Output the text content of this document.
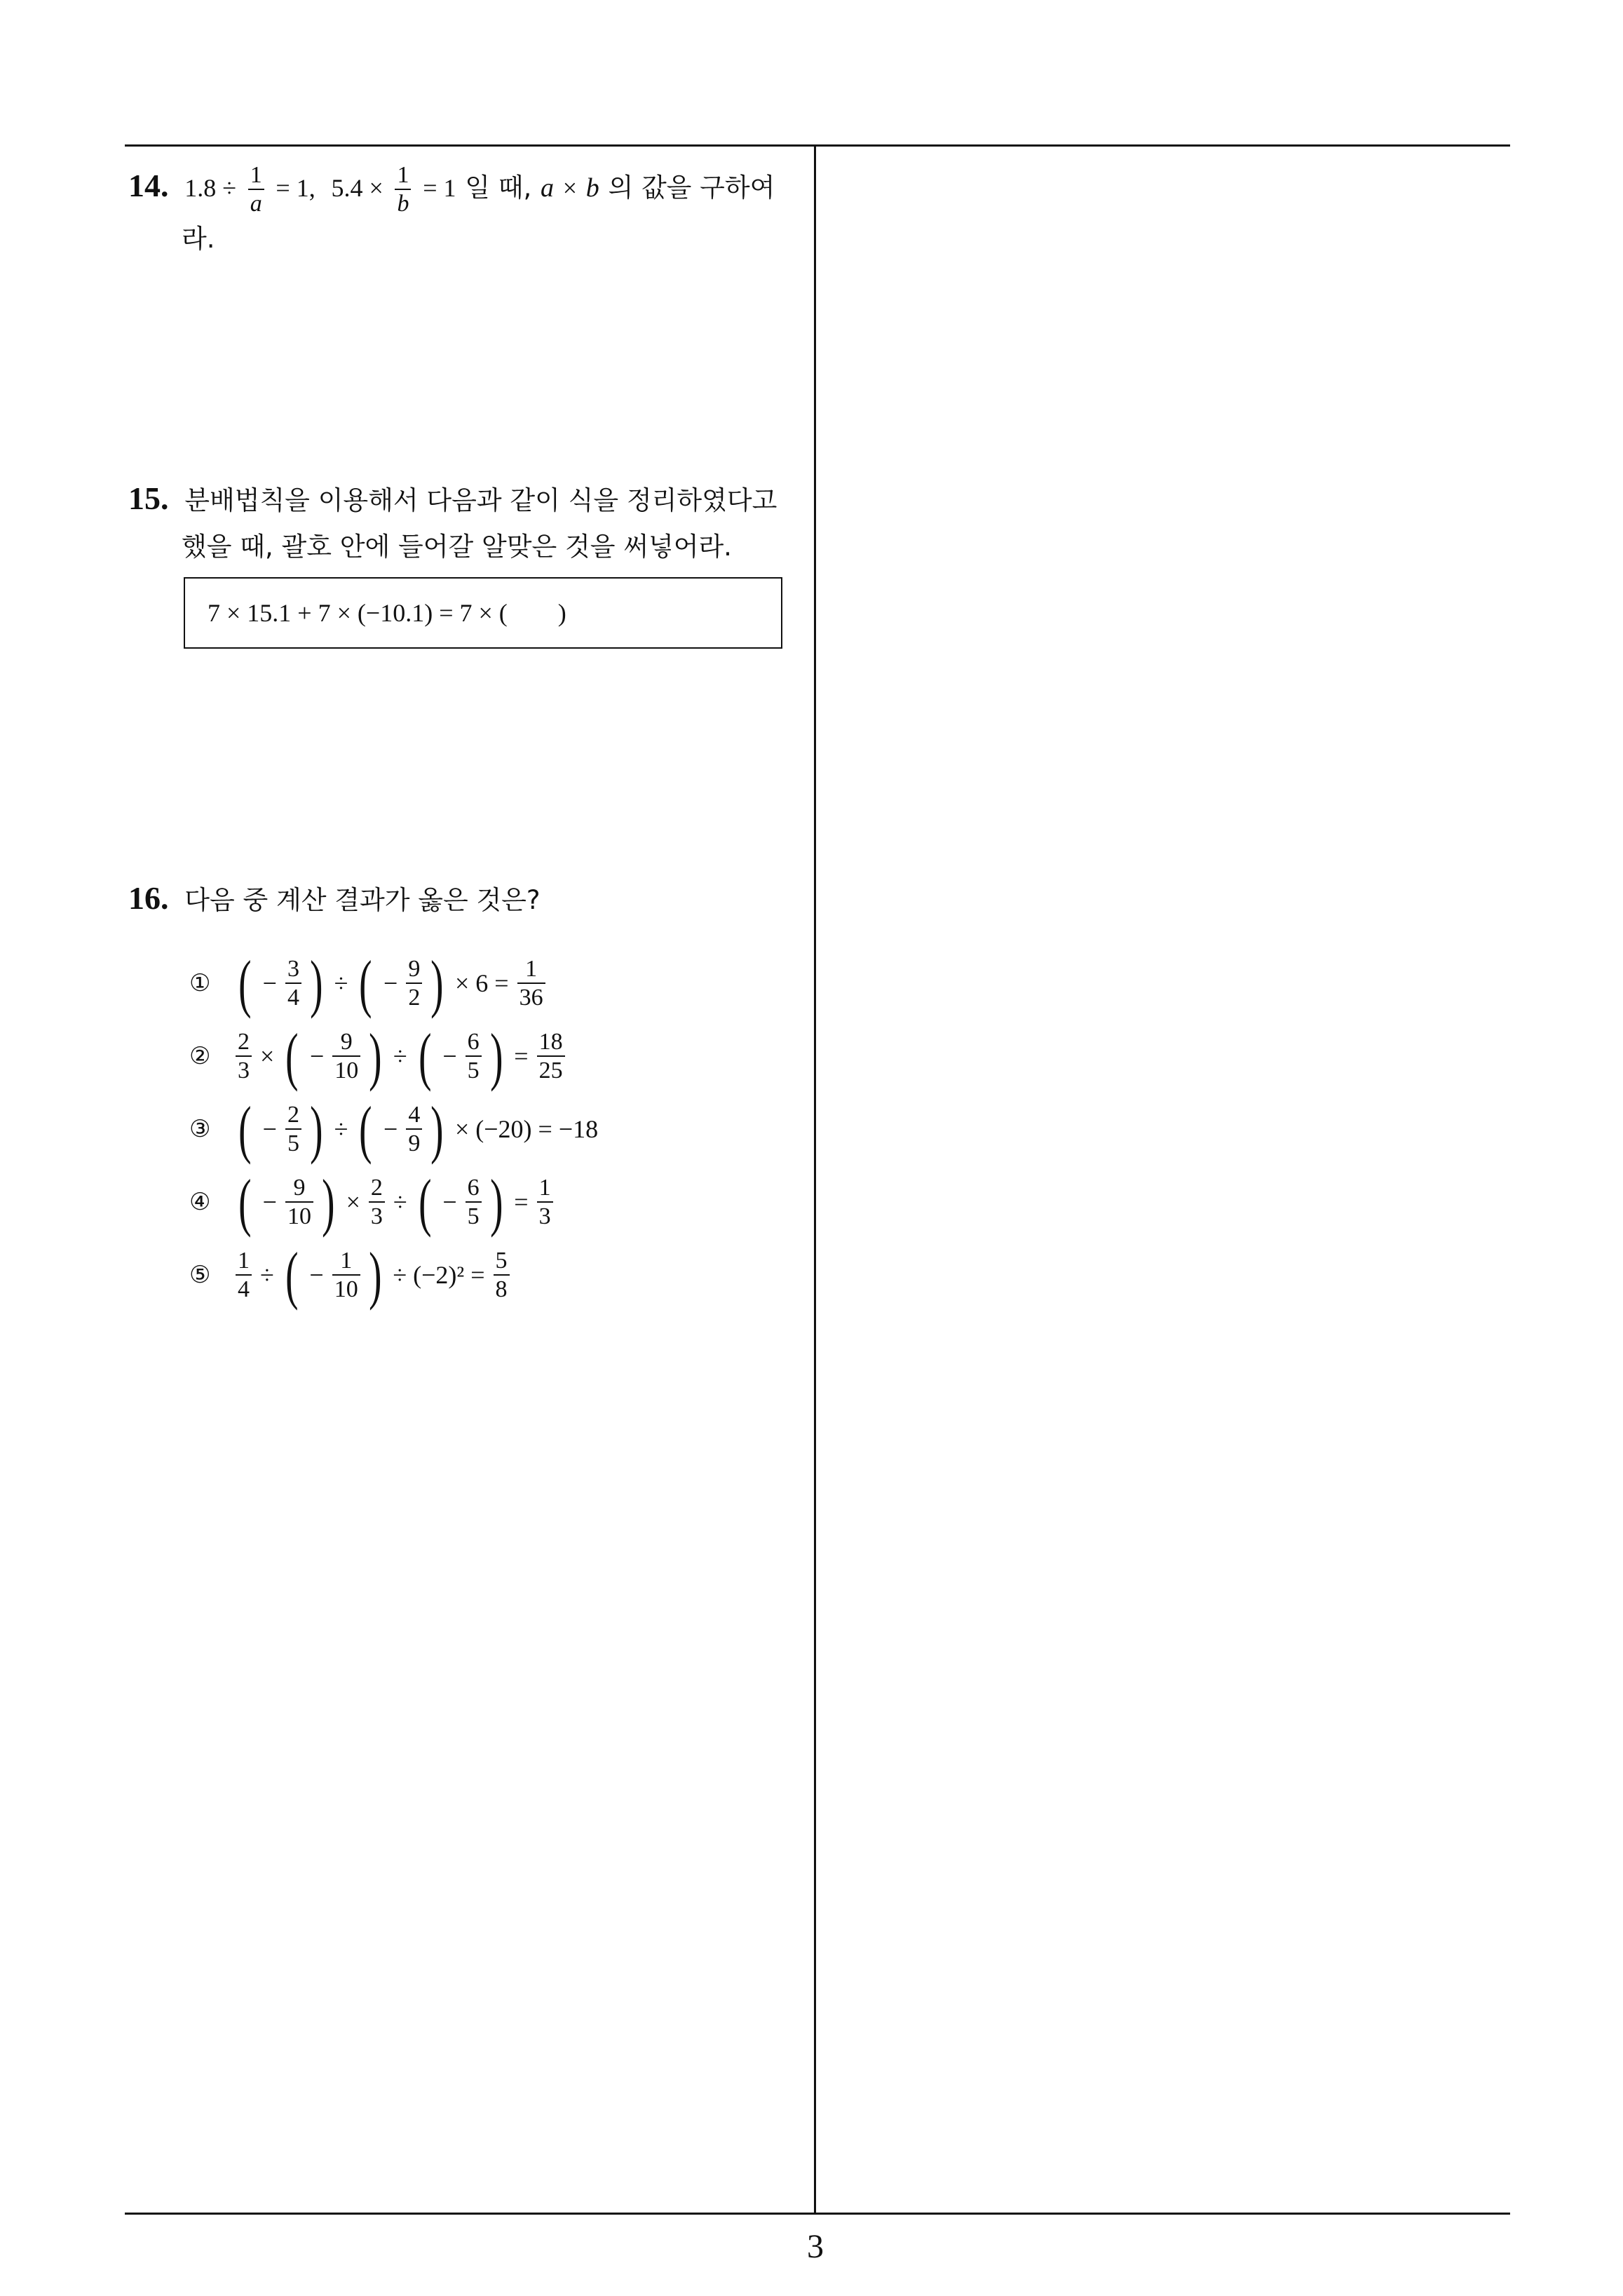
14. $1.8 \div \frac{1}{a} = 1$, $5.4 \times \frac{1}{b} = 1$ 일 때, a × b 의 값을 구하여
라.
15. 분배법칙을 이용해서 다음과 같이 식을 정리하였다고
했을 때, 괄호 안에 들어갈 알맞은 것을 써넣어라.
7 × 15.1 + 7 × (−10.1) = 7 × (        )
16. 다음 중 계산 결과가 옳은 것은?
① ( − $\frac{3}{4}$ ) ÷ ( − $\frac{9}{2}$ ) × $6 = \frac{1}{36}$
②	$\frac{2}{3}$ × ( − $\frac{9}{10}$ ) ÷ ( − $\frac{6}{5}$ ) = $\frac{18}{25}$
③ ( − $\frac{2}{5}$ ) ÷ ( − $\frac{4}{9}$ ) × (−20) = −18
④ ( − $\frac{9}{10}$ ) × $\frac{2}{3}$ ÷ ( − $\frac{6}{5}$ ) = $\frac{1}{3}$
⑤	$\frac{1}{4}$ ÷ ( − $\frac{1}{10}$ ) ÷ $(-2)^2 = \frac{5}{8}$
3
